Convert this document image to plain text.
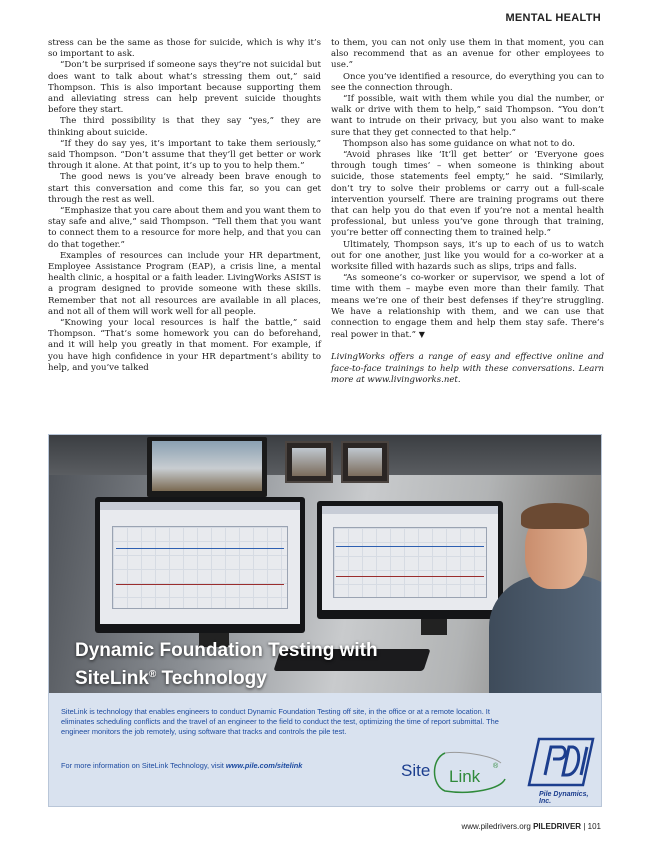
MENTAL HEALTH

stress can be the same as those for suicide, which is why it’s so important to ask.

“Don’t be surprised if someone says they’re not suicidal but does want to talk about what’s stressing them out,” said Thompson. This is also important because supporting them and alleviating stress can help prevent suicide thoughts before they start.

The third possibility is that they say “yes,” they are thinking about suicide.

“If they do say yes, it’s important to take them seriously,” said Thompson. “Don’t assume that they’ll get better or work through it alone. At that point, it’s up to you to help them.”

The good news is you’ve already been brave enough to start this conversation and come this far, so you can get through the rest as well.

“Emphasize that you care about them and you want them to stay safe and alive,” said Thompson. “Tell them that you want to connect them to a resource for more help, and that you can do that together.”

Examples of resources can include your HR department, Employee Assistance Program (EAP), a crisis line, a mental health clinic, a hospital or a faith leader. LivingWorks ASIST is a program designed to provide someone with these skills. Remember that not all resources are available in all places, and not all of them will work well for all people.

“Knowing your local resources is half the battle,” said Thompson. “That’s some homework you can do beforehand, and it will help you greatly in that moment. For example, if you have high confidence in your HR department’s ability to help, and you’ve talked

to them, you can not only use them in that moment, you can also recommend that as an avenue for other employees to use.”

Once you’ve identified a resource, do everything you can to see the connection through.

“If possible, wait with them while you dial the number, or walk or drive with them to help,” said Thompson. “You don’t want to intrude on their privacy, but you also want to make sure that they get connected to that help.”

Thompson also has some guidance on what not to do.

“Avoid phrases like ‘It’ll get better’ or ‘Everyone goes through tough times’ – when someone is thinking about suicide, those statements feel empty,” he said. “Similarly, don’t try to solve their problems or carry out a full-scale intervention yourself. There are training programs out there that can help you do that even if you’re not a mental health professional, but unless you’ve gone through that training, you’re better off connecting them to trained help.”

Ultimately, Thompson says, it’s up to each of us to watch out for one another, just like you would for a co-worker at a worksite filled with hazards such as slips, trips and falls.

“As someone’s co-worker or supervisor, we spend a lot of time with them – maybe even more than their family. That means we’re one of their best defenses if they’re struggling. We have a relationship with them, and we can use that connection to engage them and help them stay safe. There’s real power in that.” ▼

LivingWorks offers a range of easy and effective online and face-to-face trainings to help with these conversations. Learn more at www.livingworks.net.

Dynamic Foundation Testing with
SiteLink® Technology

SiteLink is technology that enables engineers to conduct Dynamic Foundation Testing off site, in the office or at a remote location. It eliminates scheduling conflicts and the travel of an engineer to the field to conduct the test, optimizing the time of report submittal. The engineer monitors the job remotely, using software that tracks and controls the pile test.

For more information on SiteLink Technology, visit www.pile.com/sitelink	Site Link
®
Pile Dynamics, Inc.
www.piledrivers.org PILEDRIVER | 101
